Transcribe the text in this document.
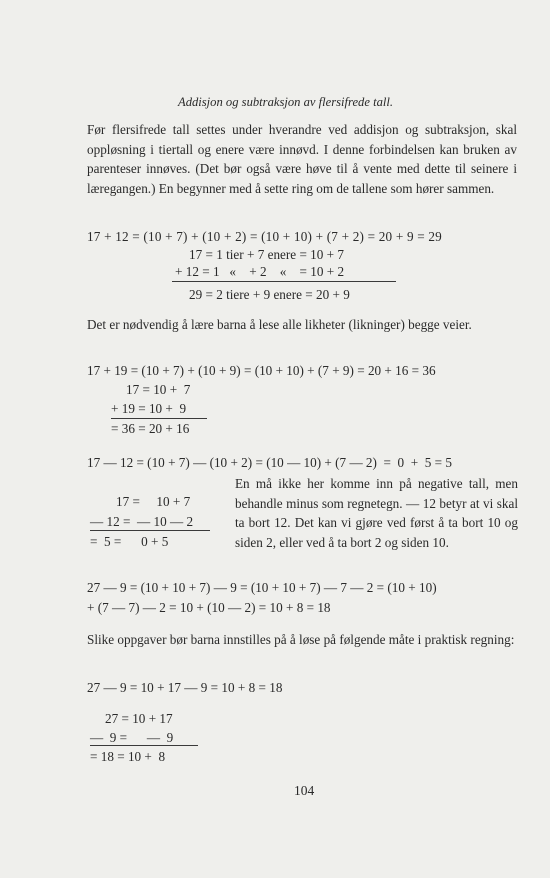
Addisjon og subtraksjon av flersifrede tall.
Før flersifrede tall settes under hverandre ved addisjon og subtraksjon, skal oppløsning i tiertall og enere være innøvd. I denne forbindelsen kan bruken av parenteser innøves. (Det bør også være høve til å vente med dette til seinere i læregangen.) En begynner med å sette ring om de tallene som hører sammen.
17 + 12 = (10 + 7) + (10 + 2) = (10 + 10) + (7 + 2) = 20 + 9 = 29
17 = 1 tier + 7 enere = 10 + 7
+ 12 = 1   «    + 2    «    = 10 + 2
29 = 2 tiere + 9 enere = 20 + 9
Det er nødvendig å lære barna å lese alle likheter (likninger) begge veier.
17 + 19 = (10 + 7) + (10 + 9) = (10 + 10) + (7 + 9) = 20 + 16 = 36
17 = 10 +  7
+ 19 = 10 +  9
= 36 = 20 + 16
17 — 12 = (10 + 7) — (10 + 2) = (10 — 10) + (7 — 2)  =  0  +  5 = 5
17 =     10 + 7
— 12 =  — 10 — 2
=  5 =      0 + 5
En må ikke her komme inn på negative tall, men behandle minus som regnetegn. — 12 betyr at vi skal ta bort 12. Det kan vi gjøre ved først å ta bort 10 og siden 2, eller ved å ta bort 2 og siden 10.
27 — 9 = (10 + 10 + 7) — 9 = (10 + 10 + 7) — 7 — 2 = (10 + 10)
+ (7 — 7) — 2 = 10 + (10 — 2) = 10 + 8 = 18
Slike oppgaver bør barna innstilles på å løse på følgende måte i praktisk regning:
27 — 9 = 10 + 17 — 9 = 10 + 8 = 18
27 = 10 + 17
—  9 =      —  9
= 18 = 10 +  8
104
